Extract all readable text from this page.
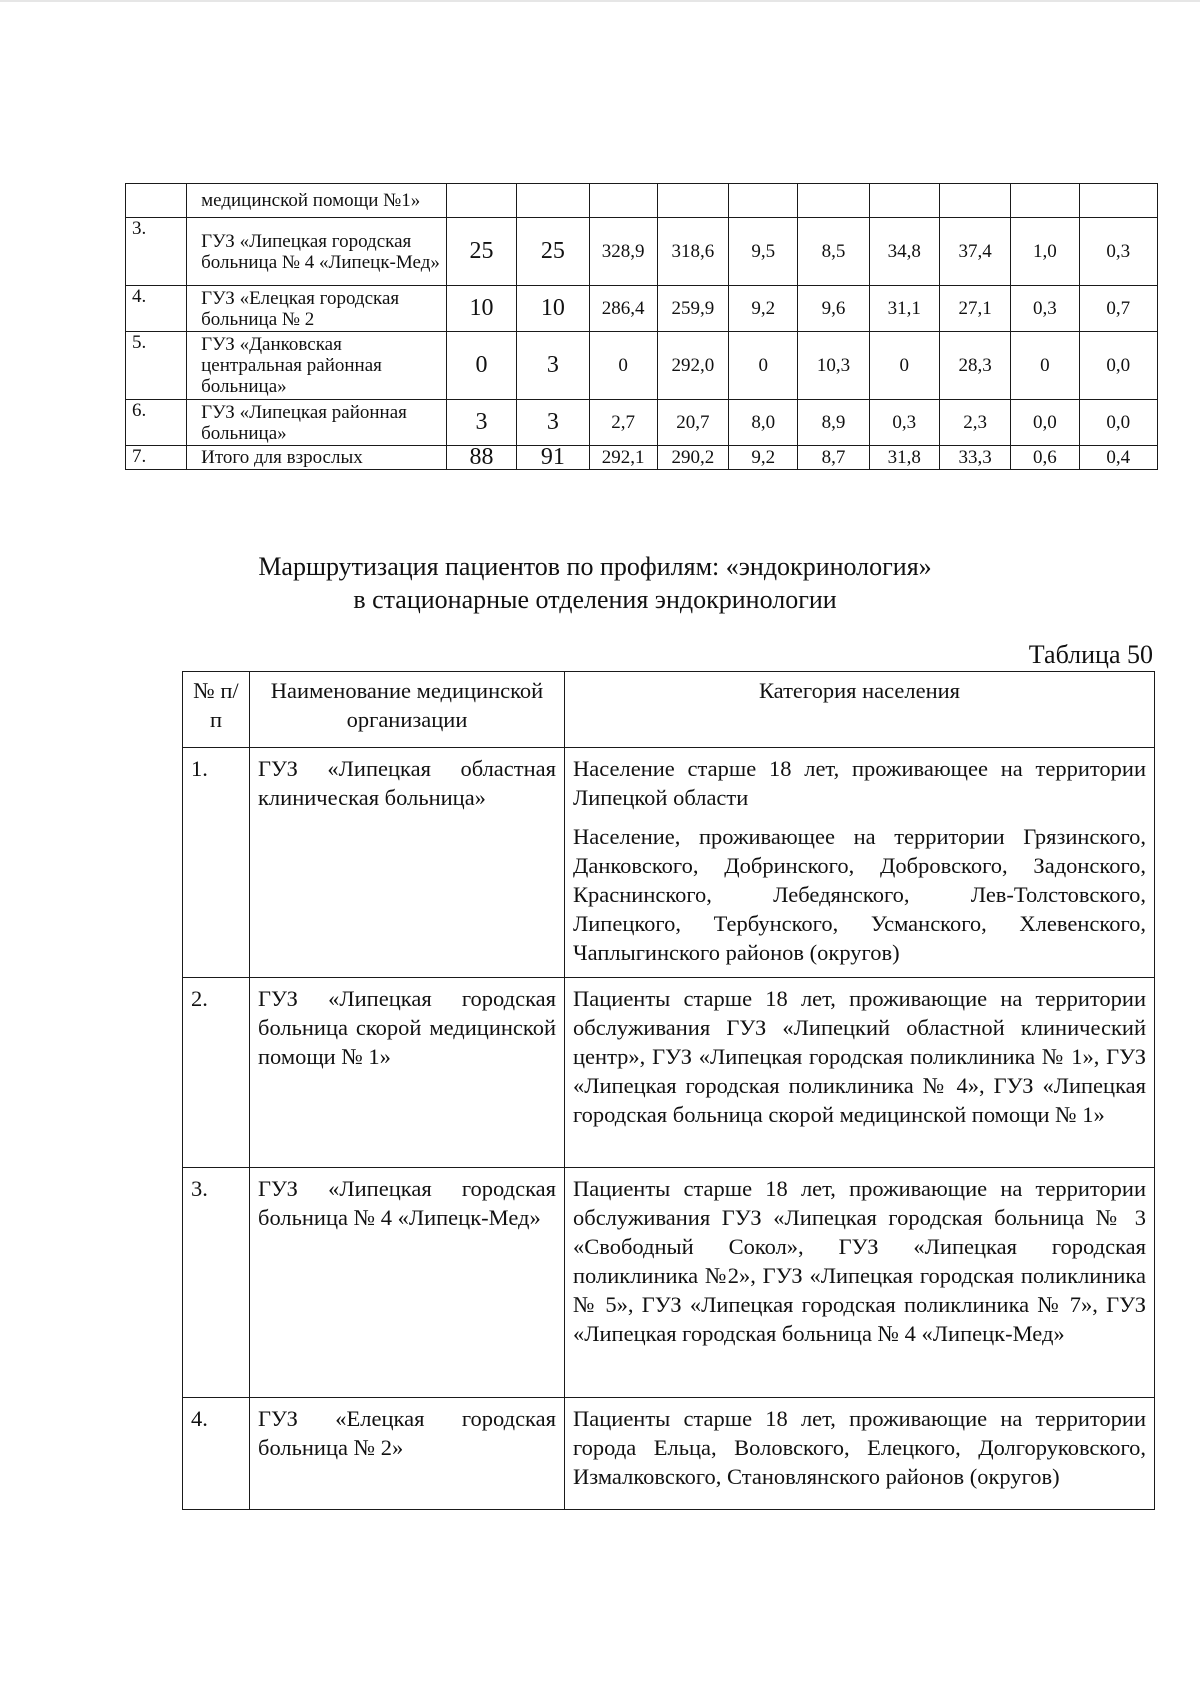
	медицинской помощи №1»										
3.	ГУЗ «Липецкая городская больница № 4 «Липецк-Мед»	25	25	328,9	318,6	9,5	8,5	34,8	37,4	1,0	0,3
4.	ГУЗ «Елецкая городская больница № 2	10	10	286,4	259,9	9,2	9,6	31,1	27,1	0,3	0,7
5.	ГУЗ «Данковская центральная районная больница»	0	3	0	292,0	0	10,3	0	28,3	0	0,0
6.	ГУЗ «Липецкая районная больница»	3	3	2,7	20,7	8,0	8,9	0,3	2,3	0,0	0,0
7.	Итого для взрослых	88	91	292,1	290,2	9,2	8,7	31,8	33,3	0,6	0,4
Маршрутизация пациентов по профилям: «эндокринология»
в стационарные отделения эндокринологии
Таблица 50
№ п/п	Наименование медицинской организации	Категория населения
1.	ГУЗ «Липецкая областная клиническая больница»	Население старше 18 лет, проживающее на территории Липецкой области

Население, проживающее на территории Грязинского, Данковского, Добринского, Добровского, Задонского, Краснинского, Лебедянского, Лев-Толстовского, Липецкого, Тербунского, Усманского, Хлевенского, Чаплыгинского районов (округов)

2.	ГУЗ «Липецкая городская больница скорой медицинской помощи № 1»	Пациенты старше 18 лет, проживающие на территории обслуживания ГУЗ «Липецкий областной клинический центр», ГУЗ «Липецкая городская поликлиника № 1», ГУЗ «Липецкая городская поликлиника № 4», ГУЗ «Липецкая городская больница скорой медицинской помощи № 1»

3.	ГУЗ «Липецкая городская больница № 4 «Липецк-Мед»	Пациенты старше 18 лет, проживающие на территории обслуживания ГУЗ «Липецкая городская больница № 3 «Свободный Сокол», ГУЗ «Липецкая городская поликлиника №2», ГУЗ «Липецкая городская поликлиника № 5», ГУЗ «Липецкая городская поликлиника № 7», ГУЗ «Липецкая городская больница № 4 «Липецк-Мед»

4.	ГУЗ «Елецкая городская больница № 2»	Пациенты старше 18 лет, проживающие на территории города Ельца, Воловского, Елецкого, Долгоруковского, Измалковского, Становлянского районов (округов)
